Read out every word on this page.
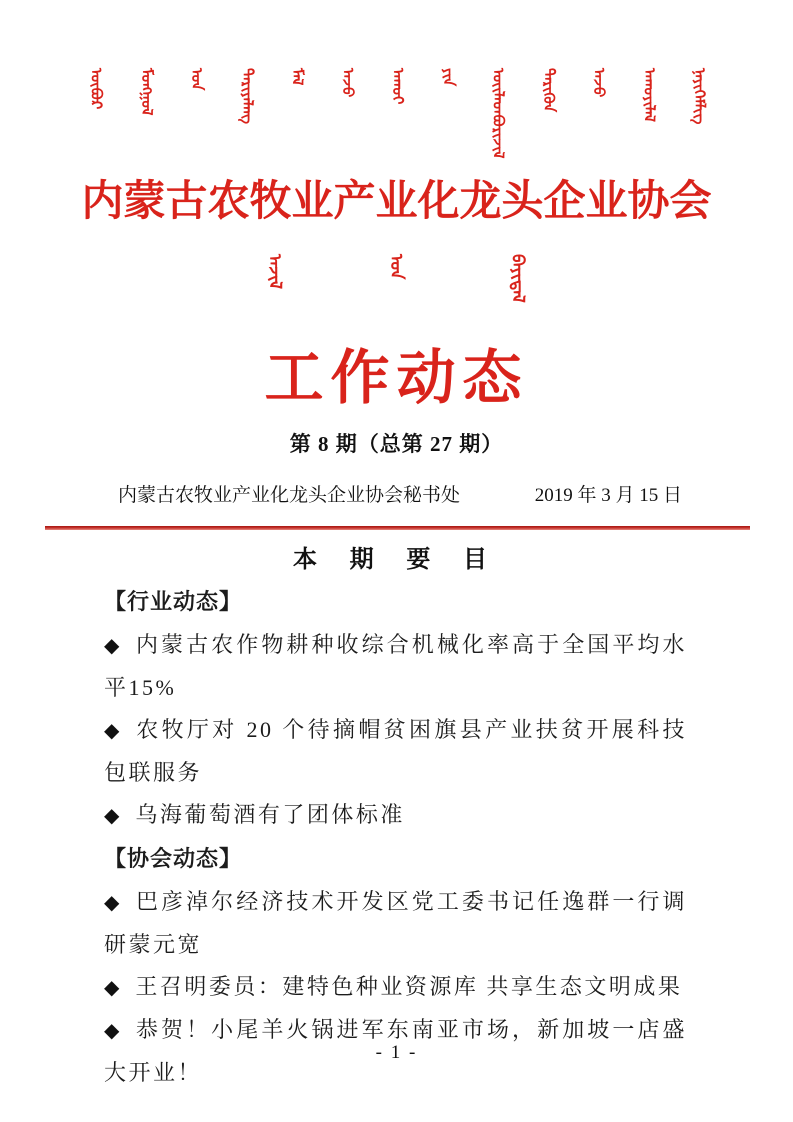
ᠥᠪᠥᠷ ᠮᠣᠩᠭᠣᠯ ᠤᠨ ᠲᠠᠷᠢᠶᠠᠯᠠᠩ ᠮᠠᠯ ᠠᠵᠤ ᠠᠬᠤᠢ ᠶᠢᠨ ᠦᠢᠯᠡᠳᠪᠦᠷᠢᠵᠢᠯ ᠲᠡᠷᠢᠭᠦᠨ ᠠᠵᠤ ᠠᠬᠤᠶᠢᠯᠠᠯ ᠨᠡᠶᠢᠭᠡᠮᠯᠢᠭ
内蒙古农牧业产业化龙头企业协会
ᠠᠵᠢᠯ	ᠤᠨ	ᠪᠠᠶᠢᠳᠠᠯ
工作动态
第 8 期（总第 27 期）
内蒙古农牧业产业化龙头企业协会秘书处	2019 年 3 月 15 日
本 期 要 目
【行业动态】

◆ 内蒙古农作物耕种收综合机械化率高于全国平均水平15%

◆ 农牧厅对 20 个待摘帽贫困旗县产业扶贫开展科技包联服务

◆ 乌海葡萄酒有了团体标准

【协会动态】

◆ 巴彦淖尔经济技术开发区党工委书记任逸群一行调研蒙元宽

◆ 王召明委员：建特色种业资源库 共享生态文明成果

◆ 恭贺！小尾羊火锅进军东南亚市场，新加坡一店盛大开业！

- 1 -
